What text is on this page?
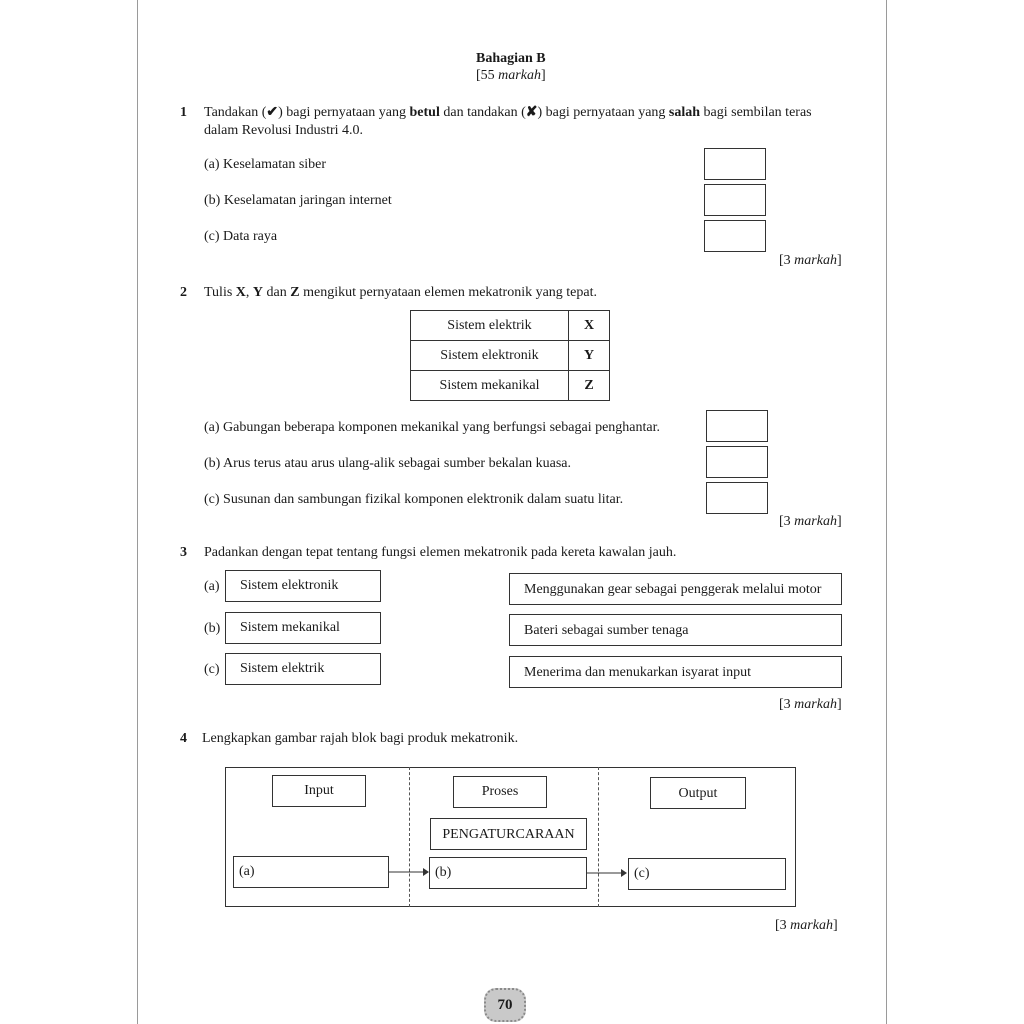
Bahagian B
[55 markah]
1 Tandakan (✔) bagi pernyataan yang betul dan tandakan (✘) bagi pernyataan yang salah bagi sembilan teras
dalam Revolusi Industri 4.0.
(a) Keselamatan siber
(b) Keselamatan jaringan internet
(c) Data raya
[3 markah]
2 Tulis X, Y dan Z mengikut pernyataan elemen mekatronik yang tepat.
Sistem elektrik	X
Sistem elektronik	Y
Sistem mekanikal	Z
(a) Gabungan beberapa komponen mekanikal yang berfungsi sebagai penghantar.
(b) Arus terus atau arus ulang-alik sebagai sumber bekalan kuasa.
(c) Susunan dan sambungan fizikal komponen elektronik dalam suatu litar.
[3 markah]
3 Padankan dengan tepat tentang fungsi elemen mekatronik pada kereta kawalan jauh.
(a)	Sistem elektronik
(b)	Sistem mekanikal
(c)	Sistem elektrik
Menggunakan gear sebagai penggerak melalui motor
Bateri sebagai sumber tenaga
Menerima dan menukarkan isyarat input
[3 markah]
4 Lengkapkan gambar rajah blok bagi produk mekatronik.
Input	Proses	Output
PENGATURCARAAN
(a)	(b)	(c)
[3 markah]
70
